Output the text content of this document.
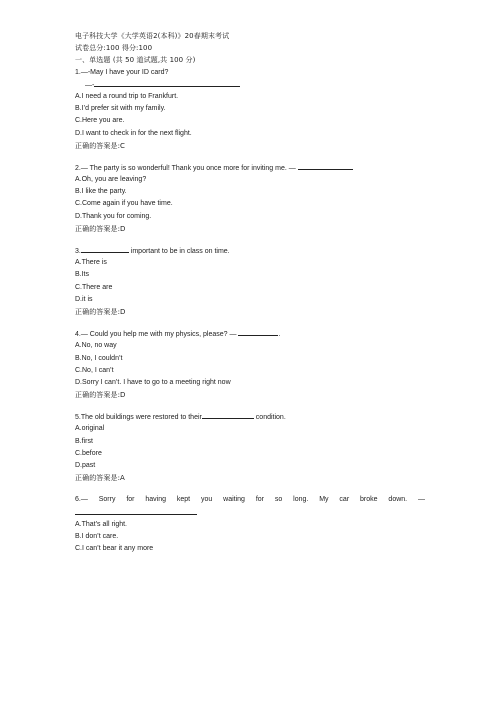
电子科技大学《大学英语2(本科)》20春期末考试
试卷总分:100 得分:100
一、单选题 (共 50 道试题,共 100 分)
1.—-May I have your ID card?
—-
A.I need a round trip to Frankfurt.
B.I’d prefer sit with my family.
C.Here you are.
D.I want to check in for the next flight.
正确的答案是:C
2.— The party is so wonderful! Thank you once more for inviting me. —
A.Oh, you are leaving?
B.I like the party.
C.Come again if you have time.
D.Thank you for coming.
正确的答案是:D
3.	important to be in class on time.
A.There is
B.Its
C.There are
D.it is
正确的答案是:D
4.— Could you help me with my physics, please? —	.
A.No, no way
B.No, I couldn’t
C.No, I can’t
D.Sorry I can’t. I have to go to a meeting right now
正确的答案是:D
5.The old buildings were restored to their	condition.
A.original
B.first
C.before
D.past
正确的答案是:A
6.— Sorry for having kept you waiting for so long. My car broke down. —
A.That’s all right.
B.I don’t care.
C.I can’t bear it any more
